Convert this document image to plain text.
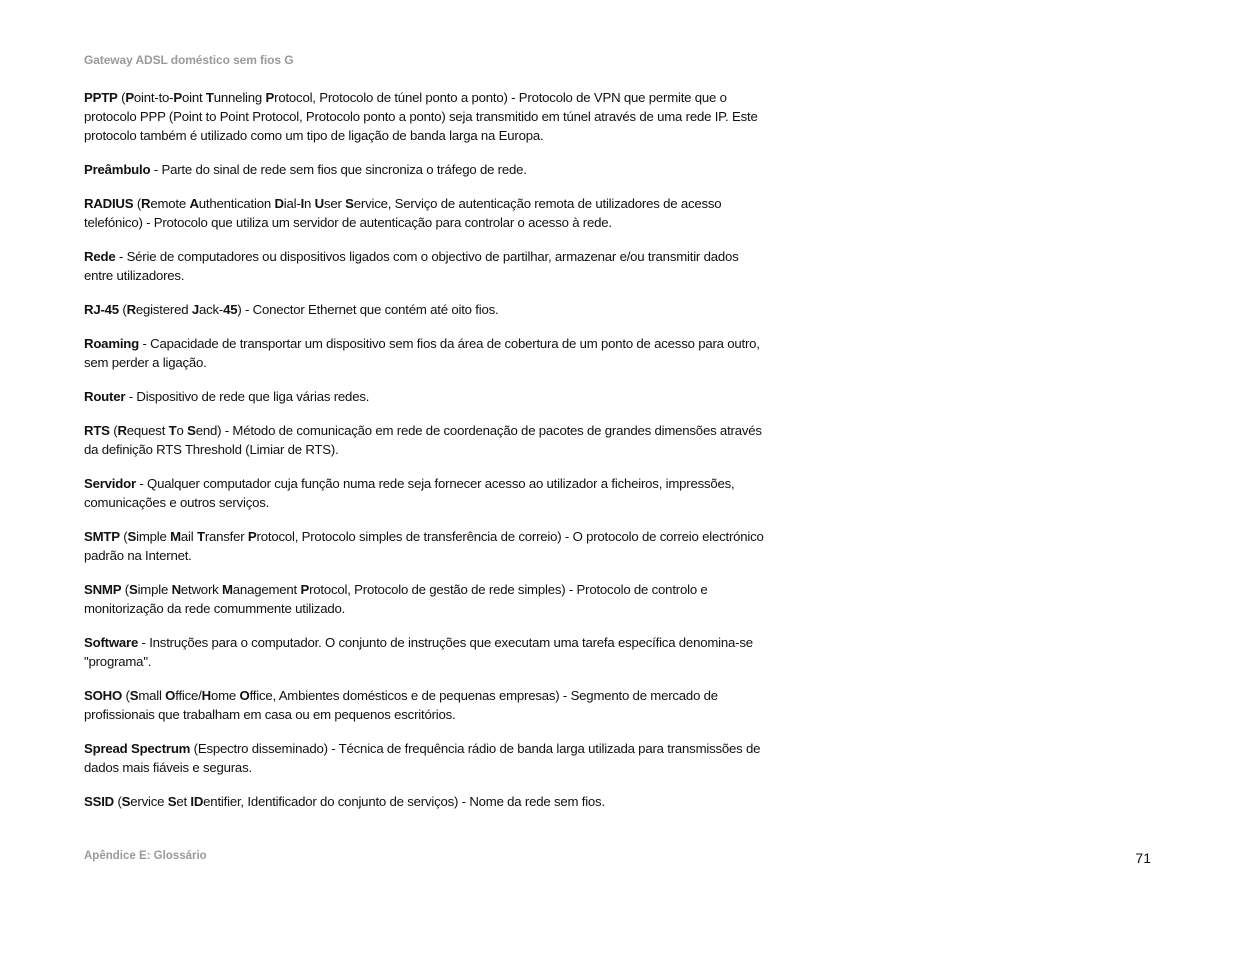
Gateway ADSL doméstico sem fios G

PPTP (Point-to-Point Tunneling Protocol, Protocolo de túnel ponto a ponto) - Protocolo de VPN que permite que o protocolo PPP (Point to Point Protocol, Protocolo ponto a ponto) seja transmitido em túnel através de uma rede IP. Este protocolo também é utilizado como um tipo de ligação de banda larga na Europa.

Preâmbulo - Parte do sinal de rede sem fios que sincroniza o tráfego de rede.

RADIUS (Remote Authentication Dial-In User Service, Serviço de autenticação remota de utilizadores de acesso telefónico) - Protocolo que utiliza um servidor de autenticação para controlar o acesso à rede.

Rede - Série de computadores ou dispositivos ligados com o objectivo de partilhar, armazenar e/ou transmitir dados entre utilizadores.

RJ-45 (Registered Jack-45) - Conector Ethernet que contém até oito fios.

Roaming - Capacidade de transportar um dispositivo sem fios da área de cobertura de um ponto de acesso para outro, sem perder a ligação.

Router - Dispositivo de rede que liga várias redes.

RTS (Request To Send) - Método de comunicação em rede de coordenação de pacotes de grandes dimensões através da definição RTS Threshold (Limiar de RTS).

Servidor - Qualquer computador cuja função numa rede seja fornecer acesso ao utilizador a ficheiros, impressões, comunicações e outros serviços.

SMTP (Simple Mail Transfer Protocol, Protocolo simples de transferência de correio) - O protocolo de correio electrónico padrão na Internet.

SNMP (Simple Network Management Protocol, Protocolo de gestão de rede simples) - Protocolo de controlo e monitorização da rede comummente utilizado.

Software - Instruções para o computador. O conjunto de instruções que executam uma tarefa específica denomina-se "programa".

SOHO (Small Office/Home Office, Ambientes domésticos e de pequenas empresas) - Segmento de mercado de profissionais que trabalham em casa ou em pequenos escritórios.

Spread Spectrum (Espectro disseminado) - Técnica de frequência rádio de banda larga utilizada para transmissões de dados mais fiáveis e seguras.

SSID (Service Set IDentifier, Identificador do conjunto de serviços) - Nome da rede sem fios.

Apêndice E: Glossário	71
